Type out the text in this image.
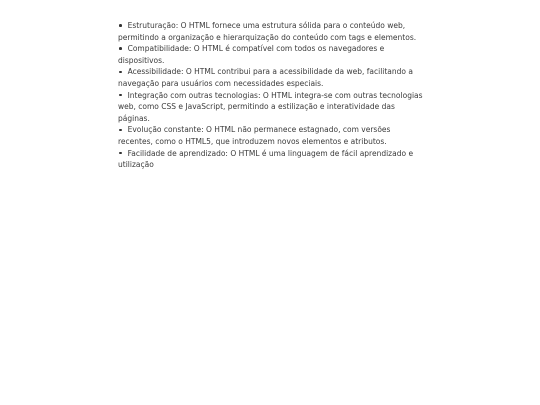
Estruturação: O HTML fornece uma estrutura sólida para o conteúdo web, permitindo a organização e hierarquização do conteúdo com tags e elementos.
Compatibilidade: O HTML é compatível com todos os navegadores e dispositivos.
Acessibilidade: O HTML contribui para a acessibilidade da web, facilitando a navegação para usuários com necessidades especiais.
Integração com outras tecnologias: O HTML integra-se com outras tecnologias web, como CSS e JavaScript, permitindo a estilização e interatividade das páginas.
Evolução constante: O HTML não permanece estagnado, com versões recentes, como o HTML5, que introduzem novos elementos e atributos.
Facilidade de aprendizado: O HTML é uma linguagem de fácil aprendizado e utilização
